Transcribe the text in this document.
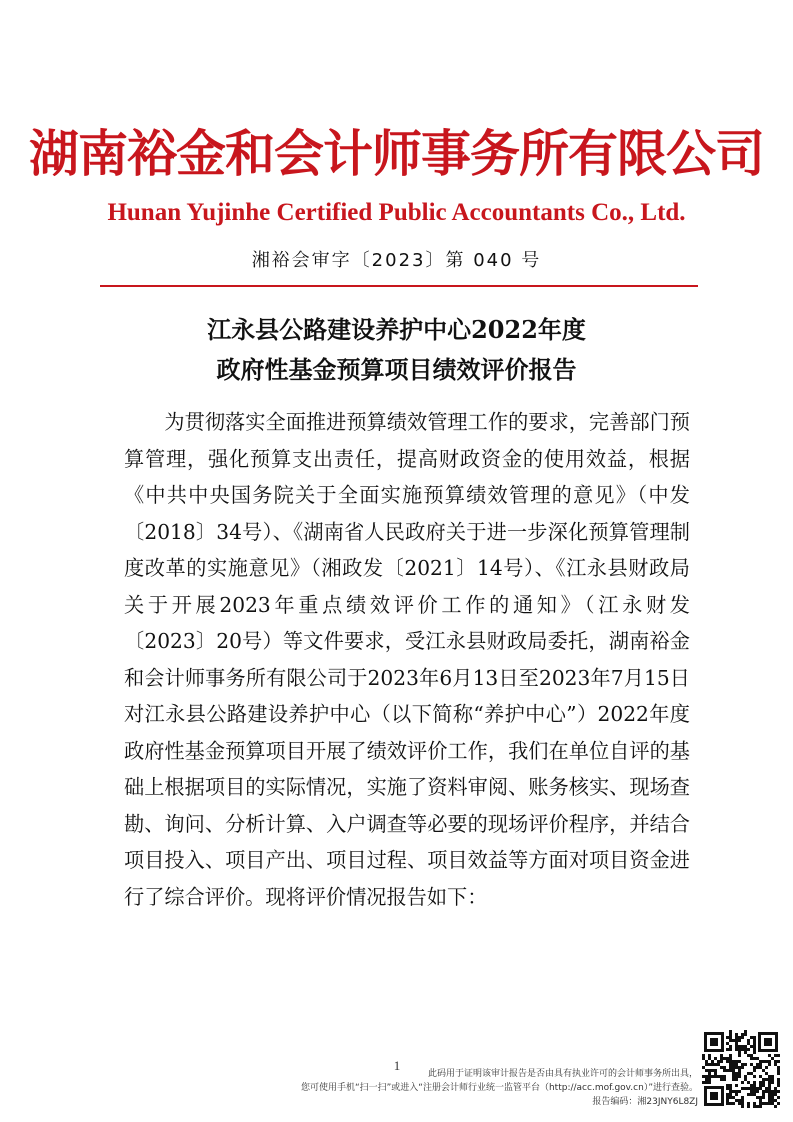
湖南裕金和会计师事务所有限公司
Hunan Yujinhe Certified Public Accountants Co., Ltd.
湘裕会审字〔2023〕第 040 号
江永县公路建设养护中心2022年度
政府性基金预算项目绩效评价报告

为贯彻落实全面推进预算绩效管理工作的要求，完善部门预算管理，强化预算支出责任，提高财政资金的使用效益，根据《中共中央国务院关于全面实施预算绩效管理的意见》（中发〔2018〕34号）、《湖南省人民政府关于进一步深化预算管理制度改革的实施意见》（湘政发〔2021〕14号）、《江永县财政局关于开展2023年重点绩效评价工作的通知》（江永财发〔2023〕20号）等文件要求，受江永县财政局委托，湖南裕金和会计师事务所有限公司于2023年6月13日至2023年7月15日对江永县公路建设养护中心（以下简称“养护中心”）2022年度政府性基金预算项目开展了绩效评价工作，我们在单位自评的基础上根据项目的实际情况，实施了资料审阅、账务核实、现场查勘、询问、分析计算、入户调查等必要的现场评价程序，并结合项目投入、项目产出、项目过程、项目效益等方面对项目资金进行了综合评价。现将评价情况报告如下：

1
此码用于证明该审计报告是否由具有执业许可的会计师事务所出具，
您可使用手机“扫一扫”或进入“注册会计师行业统一监管平台（http://acc.mof.gov.cn）”进行查验。
报告编码：湘23JNY6L8ZJ
